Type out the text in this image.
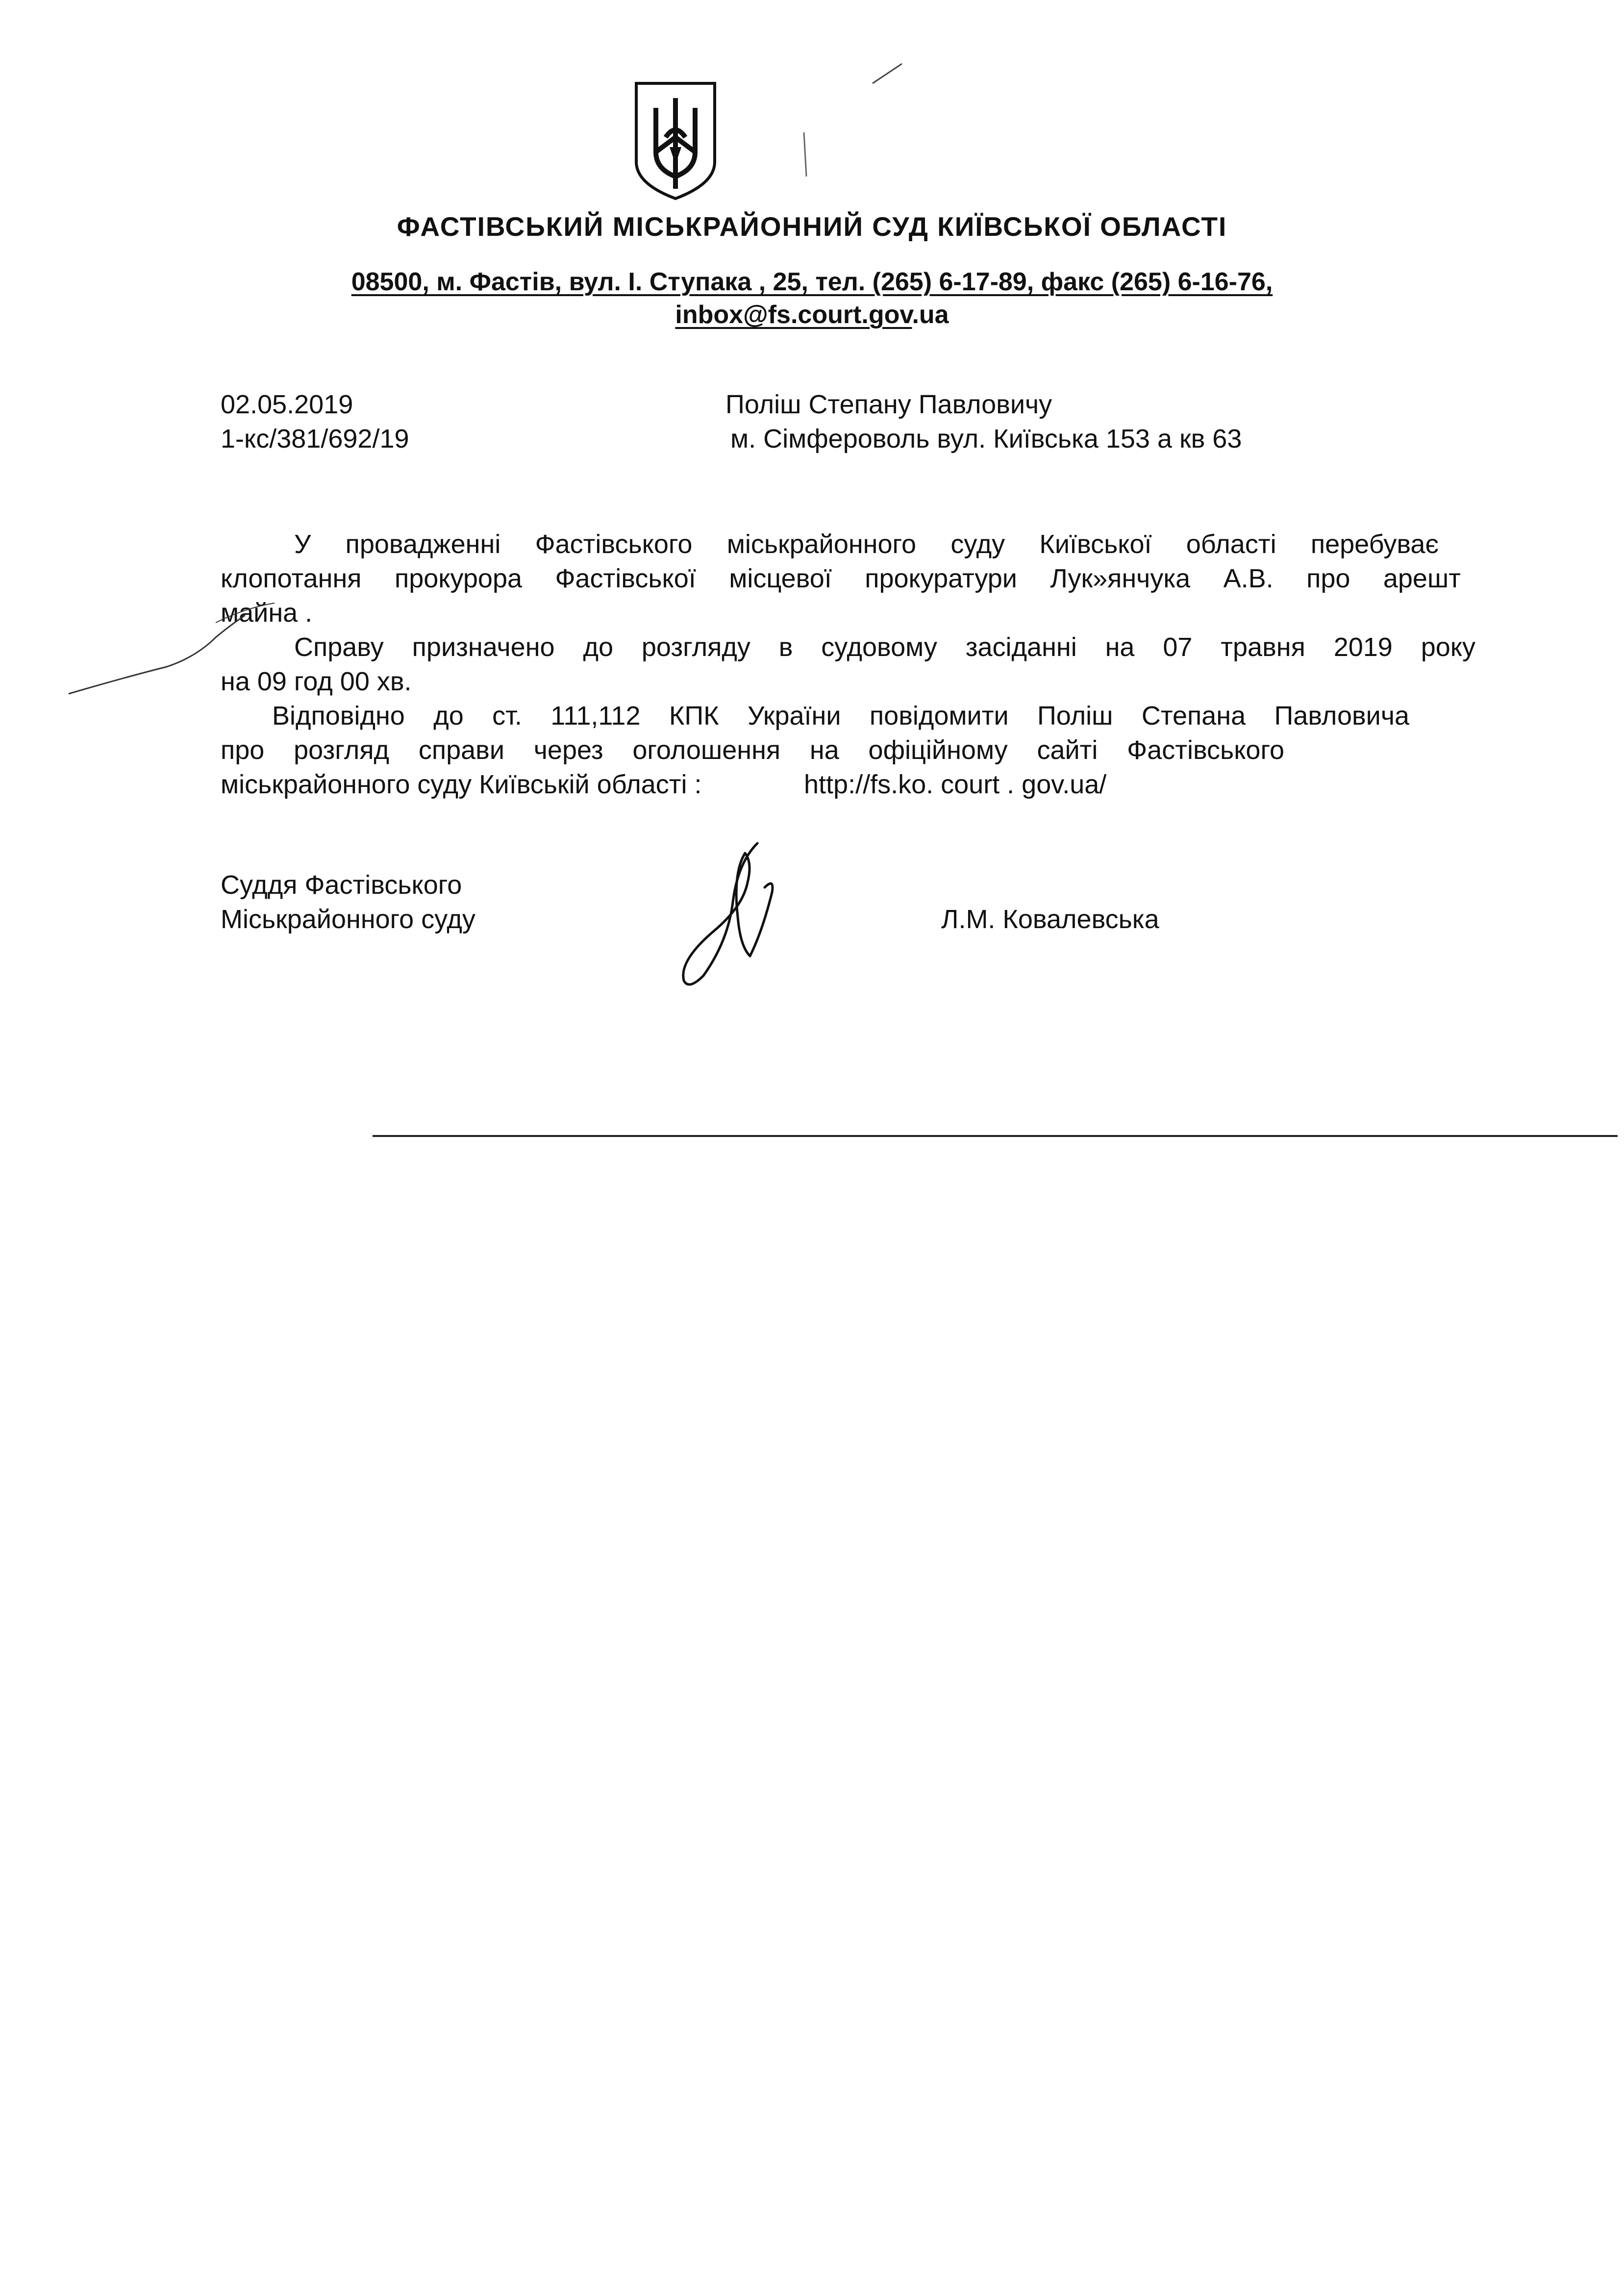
ФАСТІВСЬКИЙ МІСЬКРАЙОННИЙ СУД КИЇВСЬКОЇ ОБЛАСТІ
08500, м. Фастів, вул. І. Ступака , 25, тел. (265) 6-17-89, факс (265) 6-16-76,
inbox@fs.court.gov.ua
02.05.2019
1-кс/381/692/19
Поліш Степану Павловичу
м. Сімфероволь вул. Київська 153 а кв 63
У провадженні Фастівського міськрайонного суду Київської області перебуває
клопотання прокурора Фастівської місцевої прокуратури Лук»янчука А.В. про арешт
майна .
Справу призначено до розгляду в судовому засіданні на 07 травня 2019 року
на 09 год 00 хв.
Відповідно до ст. 111,112 КПК України повідомити Поліш Степана Павловича
про розгляд справи через оголошення на офіційному сайті Фастівського
міськрайонного суду Київській області :	http://fs.ko. court . gov.ua/
Суддя Фастівського
Міськрайонного суду	Л.М. Ковалевська
